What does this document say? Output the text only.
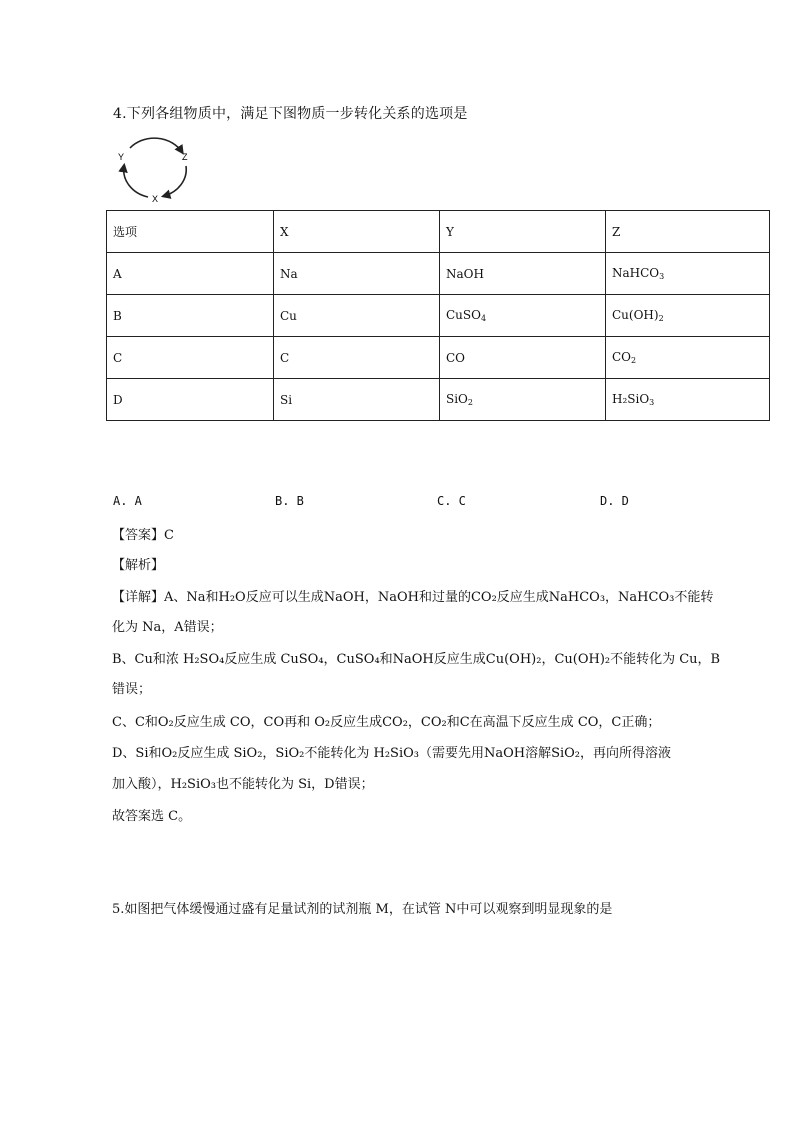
4.下列各组物质中，满足下图物质一步转化关系的选项是
Y	Z
X
选项	X	Y	Z
A	Na	NaOH	NaHCO$_3$
B	Cu	CuSO$_4$	$Cu(OH)_2$
C	C	CO	$CO_2$
D	Si	SiO$_2$	H₂SiO$_3$
A. A	B. B	C. C	D. D
【答案】C
【解析】
【详解】A、Na和H₂O反应可以生成NaOH，NaOH和过量的CO₂反应生成NaHCO₃，NaHCO₃不能转
化为 Na，A错误；
B、Cu和浓 H₂SO₄反应生成 CuSO₄，CuSO₄和NaOH反应生成Cu(OH)₂，Cu(OH)₂不能转化为 Cu，B
错误；
C、C和O₂反应生成 CO，CO再和 O₂反应生成CO₂，CO₂和C在高温下反应生成 CO，C正确；
D、Si和O₂反应生成 SiO₂，SiO₂不能转化为 H₂SiO₃（需要先用NaOH溶解SiO₂，再向所得溶液
加入酸），H₂SiO₃也不能转化为 Si，D错误；
故答案选 C。
5.如图把气体缓慢通过盛有足量试剂的试剂瓶 M，在试管 N中可以观察到明显现象的是
